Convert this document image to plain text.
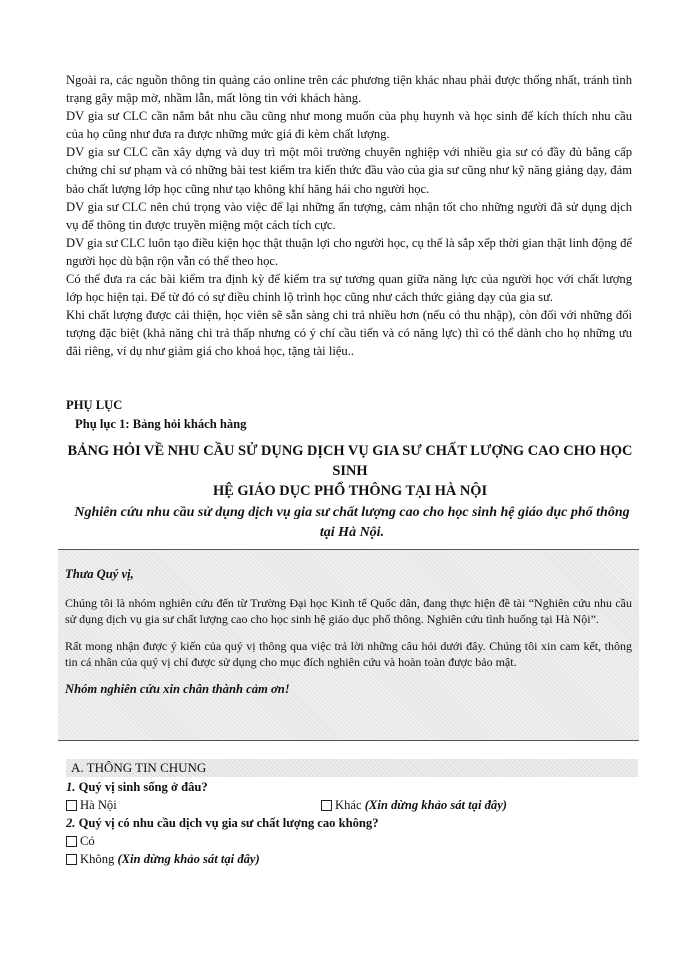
Ngoài ra, các nguồn thông tin quảng cáo online trên các phương tiện khác nhau phải được thống nhất, tránh tình trạng gây mập mờ, nhầm lẫn, mất lòng tin với khách hàng.

DV gia sư CLC cần nắm bắt nhu cầu cũng như mong muốn của phụ huynh và học sinh để kích thích nhu cầu của họ cũng như đưa ra được những mức giá đi kèm chất lượng.

DV gia sư CLC cần xây dựng và duy trì một môi trường chuyên nghiệp với nhiều gia sư có đầy đủ bằng cấp chứng chỉ sư phạm và có những bài test kiểm tra kiến thức đầu vào của gia sư cũng như kỹ năng giảng dạy, đảm bảo chất lượng lớp học cũng như tạo không khí hăng hái cho người học.

DV gia sư CLC nên chú trọng vào việc để lại những ấn tượng, cảm nhận tốt cho những người đã sử dụng dịch vụ để thông tin được truyền miệng một cách tích cực.

DV gia sư CLC luôn tạo điều kiện học thật thuận lợi cho người học, cụ thể là sắp xếp thời gian thật linh động để người học dù bận rộn vẫn có thể theo học.

Có thể đưa ra các bài kiểm tra định kỳ để kiểm tra sự tương quan giữa năng lực của người học với chất lượng lớp học hiện tại. Để từ đó có sự điều chỉnh lộ trình học cũng như cách thức giảng dạy của gia sư.

Khi chất lượng được cải thiện, học viên sẽ sẵn sàng chi trả nhiều hơn (nếu có thu nhập), còn đối với những đối tượng đặc biệt (khả năng chi trả thấp nhưng có ý chí cầu tiến và có năng lực) thì có thể dành cho họ những ưu đãi riêng, ví dụ như giảm giá cho khoá học, tặng tài liệu..

PHỤ LỤC
Phụ lục 1: Bảng hỏi khách hàng
BẢNG HỎI VỀ NHU CẦU SỬ DỤNG DỊCH VỤ GIA SƯ CHẤT LƯỢNG CAO CHO HỌC SINH
HỆ GIÁO DỤC PHỔ THÔNG TẠI HÀ NỘI
Nghiên cứu nhu cầu sử dụng dịch vụ gia sư chất lượng cao cho học sinh hệ giáo dục phổ thông tại Hà Nội.

Thưa Quý vị,

Chúng tôi là nhóm nghiên cứu đến từ Trường Đại học Kinh tế Quốc dân, đang thực hiện đề tài “Nghiên cứu nhu cầu sử dụng dịch vụ gia sư chất lượng cao cho học sinh hệ giáo dục phổ thông. Nghiên cứu tình huống tại Hà Nội”.

Rất mong nhận được ý kiến của quý vị thông qua việc trả lời những câu hỏi dưới đây. Chúng tôi xin cam kết, thông tin cá nhân của quý vị chỉ được sử dụng cho mục đích nghiên cứu và hoàn toàn được bảo mật.

Nhóm nghiên cứu xin chân thành cảm ơn!

A. THÔNG TIN CHUNG
1. Quý vị sinh sống ở đâu?
Hà Nội	Khác
(Xin dừng khảo sát tại đây)
2. Quý vị có nhu cầu dịch vụ gia sư chất lượng cao không?
Có
Không
(Xin dừng khảo sát tại đây)
